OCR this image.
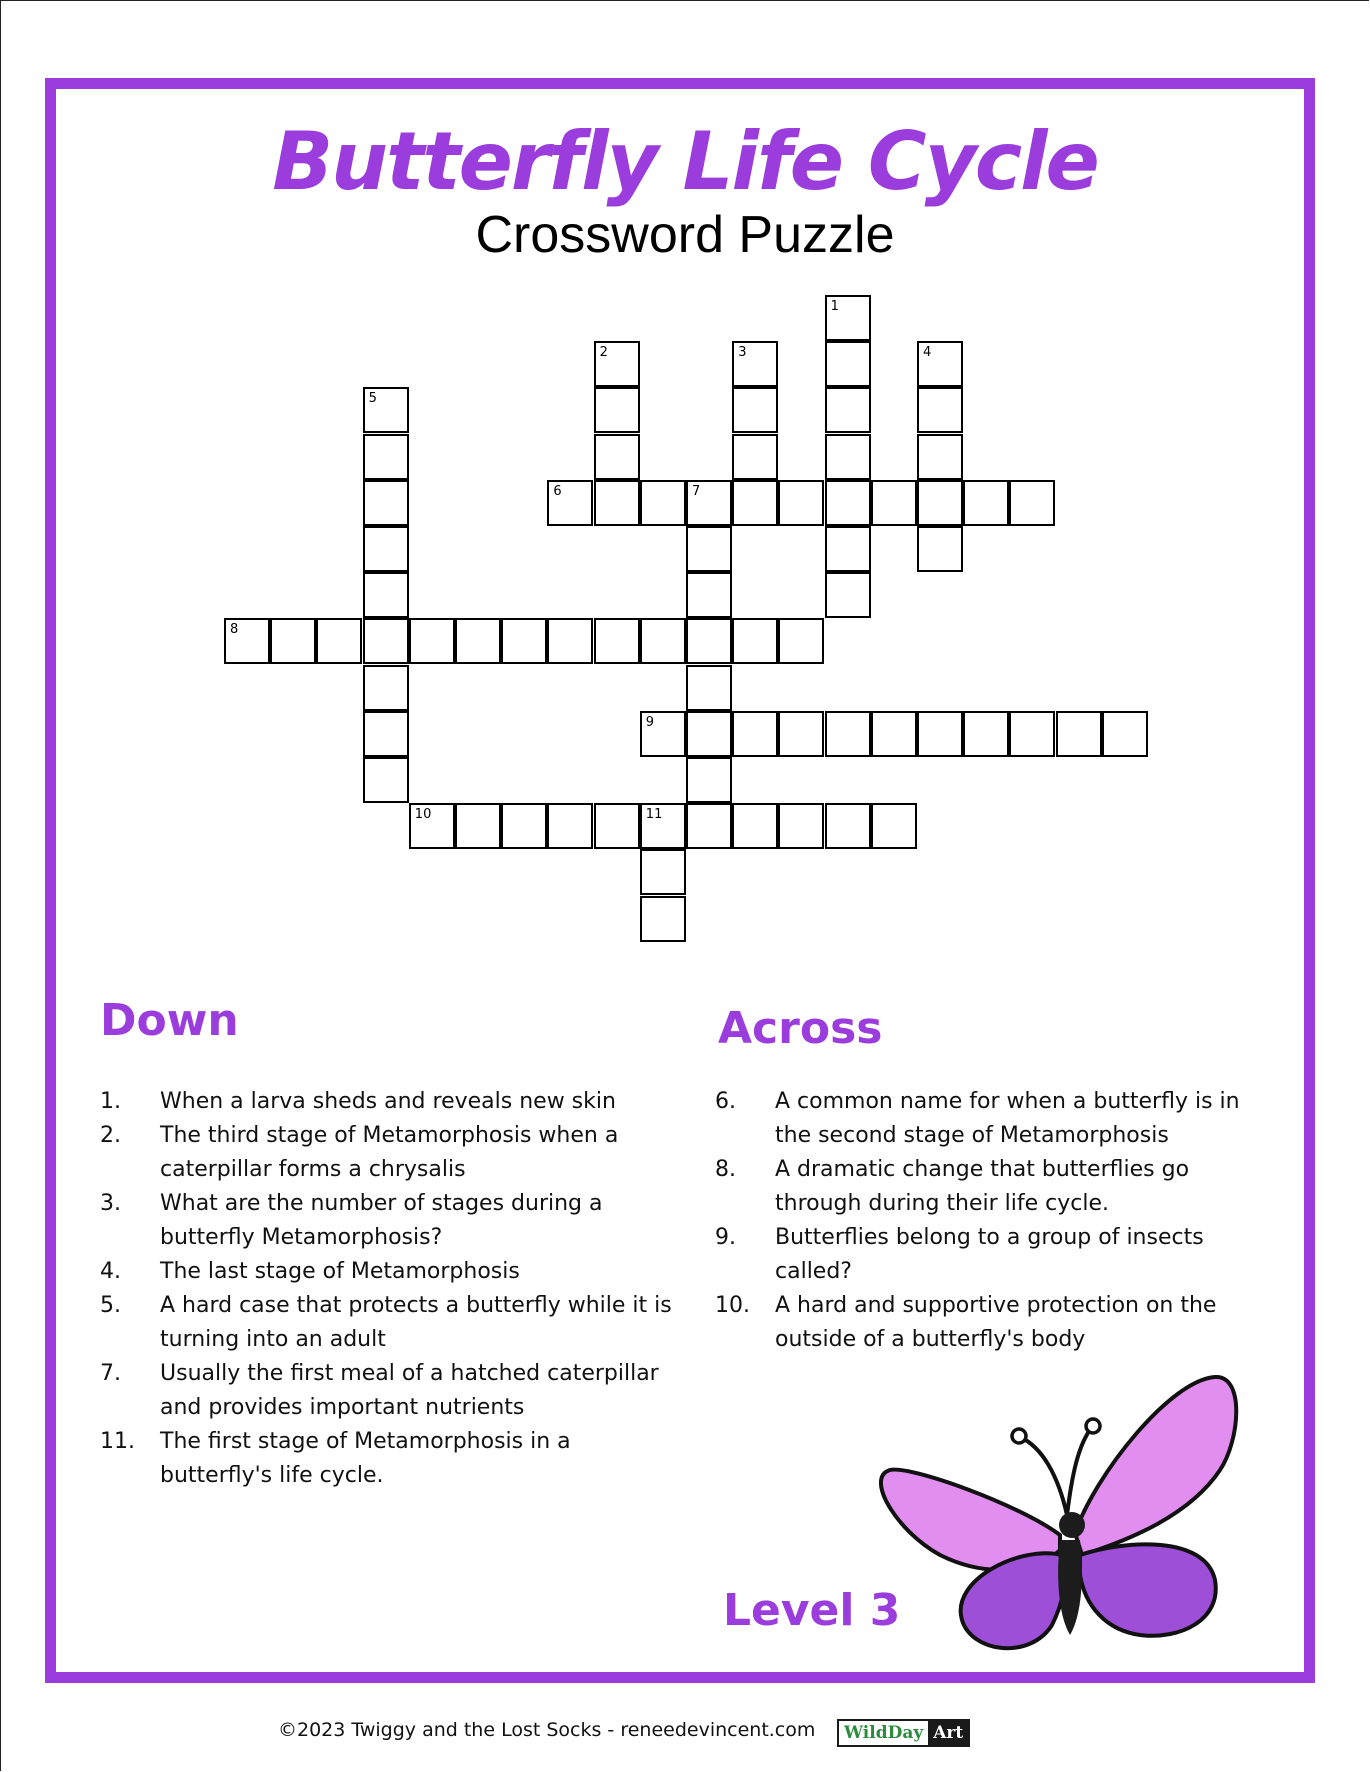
Butterfly Life Cycle
Crossword Puzzle
1
2	3	4
5
6	7
8
9
10	11
Down	Across
1. When a larva sheds and reveals new skin
2. The third stage of Metamorphosis when a caterpillar forms a chrysalis
3. What are the number of stages during a butterfly Metamorphosis?
4. The last stage of Metamorphosis
5. A hard case that protects a butterfly while it is turning into an adult
7. Usually the first meal of a hatched caterpillar and provides important nutrients
11. The first stage of Metamorphosis in a butterfly's life cycle.
6. A common name for when a butterfly is in the second stage of Metamorphosis
8. A dramatic change that butterflies go through during their life cycle.
9. Butterflies belong to a group of insects called?
10. A hard and supportive protection on the outside of a butterfly's body
Level 3
©2023 Twiggy and the Lost Socks - reneedevincent.com WildDay Art
